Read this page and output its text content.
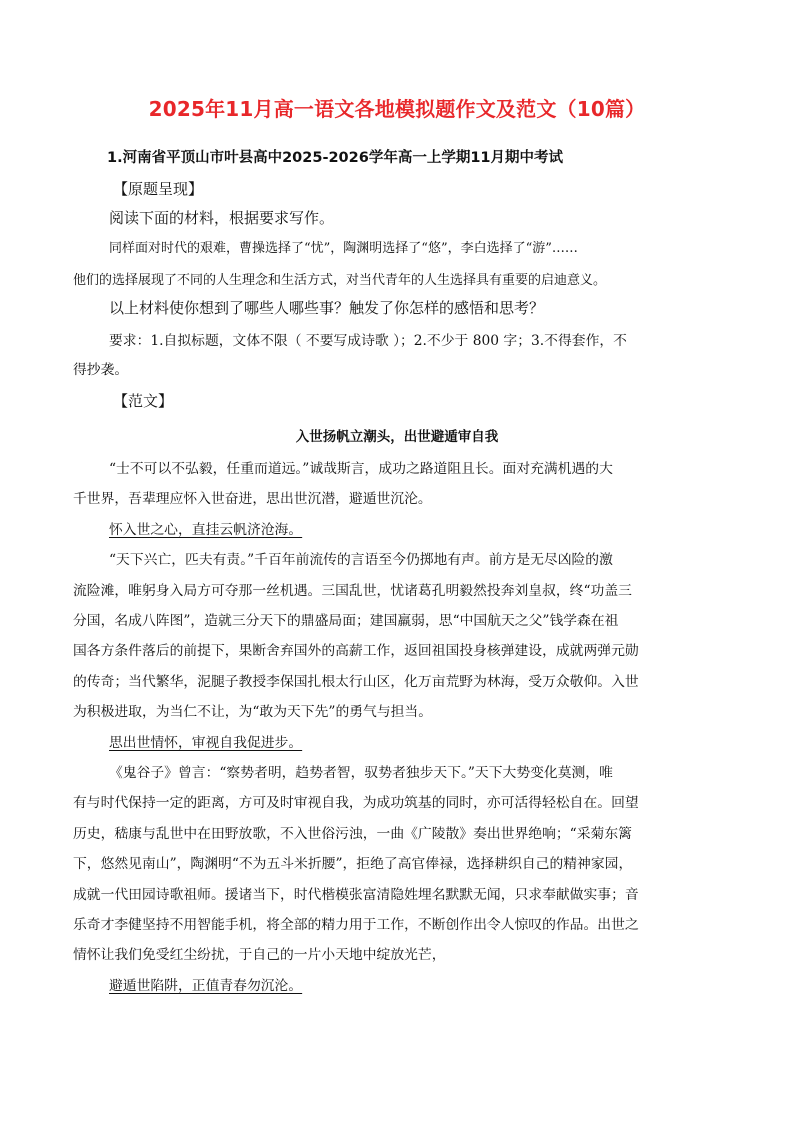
2025年11月高一语文各地模拟题作文及范文（10篇）
1.河南省平顶山市叶县高中2025-2026学年高一上学期11月期中考试
【原题呈现】
阅读下面的材料，根据要求写作。
同样面对时代的艰难，曹操选择了“忧”，陶渊明选择了“悠”，李白选择了“游”……
他们的选择展现了不同的人生理念和生活方式，对当代青年的人生选择具有重要的启迪意义。
以上材料使你想到了哪些人哪些事？触发了你怎样的感悟和思考？
要求：1.自拟标题，文体不限（ 不要写成诗歌 ）；2.不少于 800 字；3.不得套作，不
得抄袭。
【范文】
入世扬帆立潮头，出世避遁审自我
“士不可以不弘毅，任重而道远。”诚哉斯言，成功之路道阻且长。面对充满机遇的大
千世界，吾辈理应怀入世奋进，思出世沉潜，避遁世沉沦。
怀入世之心，直挂云帆济沧海。
“天下兴亡，匹夫有责。”千百年前流传的言语至今仍掷地有声。前方是无尽凶险的激
流险滩，唯躬身入局方可夺那一丝机遇。三国乱世，忧诸葛孔明毅然投奔刘皇叔，终“功盖三
分国，名成八阵图”，造就三分天下的鼎盛局面；建国羸弱，思“中国航天之父”钱学森在祖
国各方条件落后的前提下，果断舍弃国外的高薪工作，返回祖国投身核弹建设，成就两弹元勋
的传奇；当代繁华，泥腿子教授李保国扎根太行山区，化万亩荒野为林海，受万众敬仰。入世
为积极进取，为当仁不让，为“敢为天下先”的勇气与担当。
思出世情怀，审视自我促进步。
《鬼谷子》曾言：“察势者明，趋势者智，驭势者独步天下。”天下大势变化莫测，唯
有与时代保持一定的距离，方可及时审视自我，为成功筑基的同时，亦可活得轻松自在。回望
历史，嵇康与乱世中在田野放歌，不入世俗污浊，一曲《广陵散》奏出世界绝响；“采菊东篱
下，悠然见南山”，陶渊明“不为五斗米折腰”，拒绝了高官俸禄，选择耕织自己的精神家园，
成就一代田园诗歌祖师。援诸当下，时代楷模张富清隐姓埋名默默无闻，只求奉献做实事；音
乐奇才李健坚持不用智能手机，将全部的精力用于工作，不断创作出令人惊叹的作品。出世之
情怀让我们免受红尘纷扰，于自己的一片小天地中绽放光芒，
避遁世陷阱，正值青春勿沉沦。
